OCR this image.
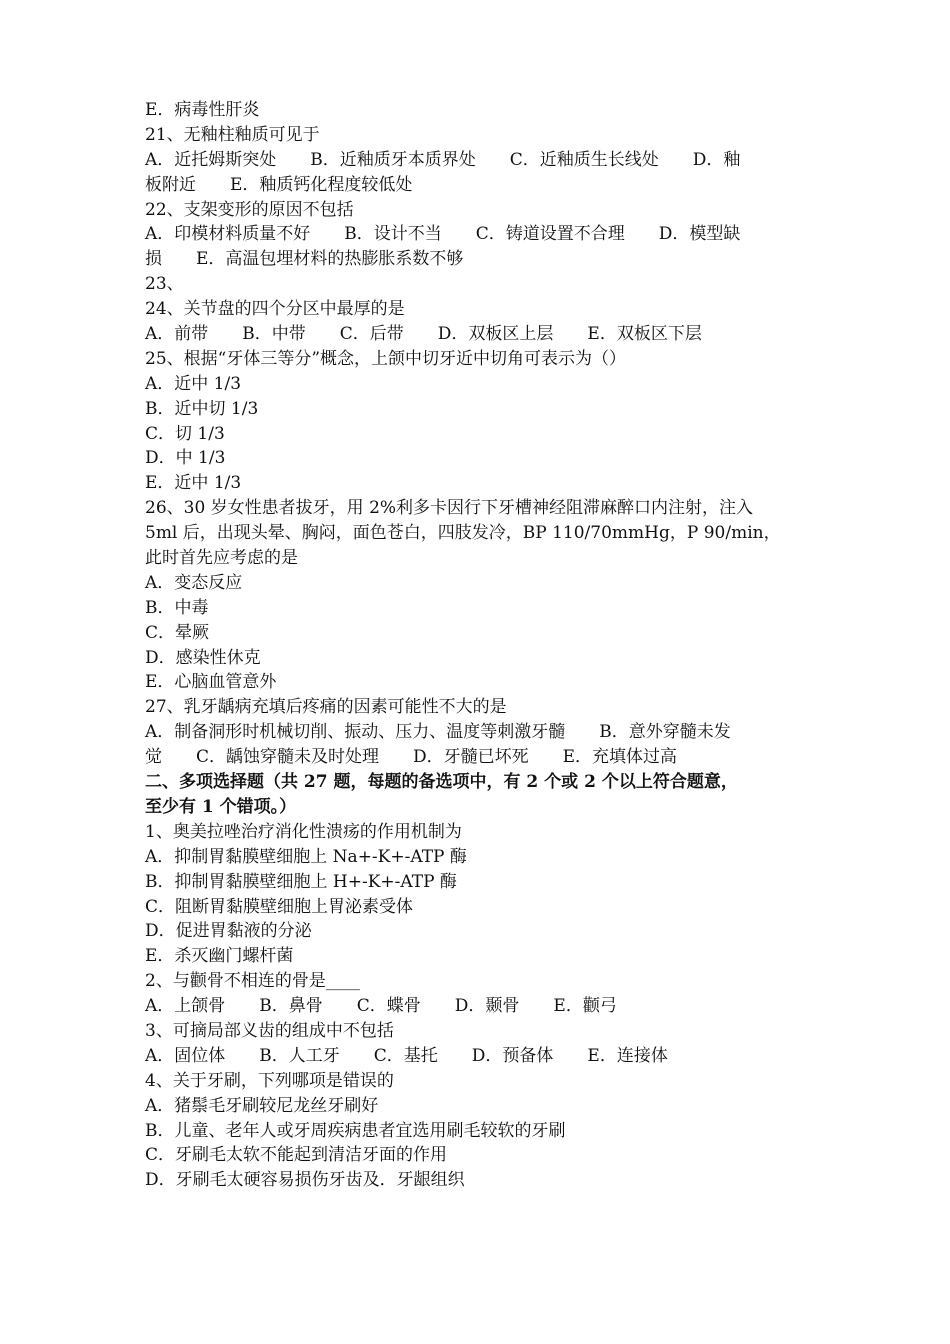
E．病毒性肝炎
21、无釉柱釉质可见于
A．近托姆斯突处　　B．近釉质牙本质界处　　C．近釉质生长线处　　D．釉
板附近　　E．釉质钙化程度较低处
22、支架变形的原因不包括
A．印模材料质量不好　　B．设计不当　　C．铸道设置不合理　　D．模型缺
损　　E．高温包埋材料的热膨胀系数不够
23、
24、关节盘的四个分区中最厚的是
A．前带　　B．中带　　C．后带　　D．双板区上层　　E．双板区下层
25、根据“牙体三等分”概念，上颌中切牙近中切角可表示为（）
A．近中 1/3
B．近中切 1/3
C．切 1/3
D．中 1/3
E．近中 1/3
26、30 岁女性患者拔牙，用 2%利多卡因行下牙槽神经阻滞麻醉口内注射，注入
5ml 后，出现头晕、胸闷，面色苍白，四肢发冷，BP 110/70mmHg，P 90/min，
此时首先应考虑的是
A．变态反应
B．中毒
C．晕厥
D．感染性休克
E．心脑血管意外
27、乳牙龋病充填后疼痛的因素可能性不大的是
A．制备洞形时机械切削、振动、压力、温度等刺激牙髓　　B．意外穿髓未发
觉　　C．龋蚀穿髓未及时处理　　D．牙髓已坏死　　E．充填体过高
二、多项选择题（共 27 题，每题的备选项中，有 2 个或 2 个以上符合题意，
至少有 1 个错项。）
1、奥美拉唑治疗消化性溃疡的作用机制为
A．抑制胃黏膜壁细胞上 Na+-K+-ATP 酶
B．抑制胃黏膜壁细胞上 H+-K+-ATP 酶
C．阻断胃黏膜壁细胞上胃泌素受体
D．促进胃黏液的分泌
E．杀灭幽门螺杆菌
2、与颧骨不相连的骨是____
A．上颌骨　　B．鼻骨　　C．蝶骨　　D．颞骨　　E．颧弓
3、可摘局部义齿的组成中不包括
A．固位体　　B．人工牙　　C．基托　　D．预备体　　E．连接体
4、关于牙刷，下列哪项是错误的
A．猪鬃毛牙刷较尼龙丝牙刷好
B．儿童、老年人或牙周疾病患者宜选用刷毛较软的牙刷
C．牙刷毛太软不能起到清洁牙面的作用
D．牙刷毛太硬容易损伤牙齿及．牙龈组织
